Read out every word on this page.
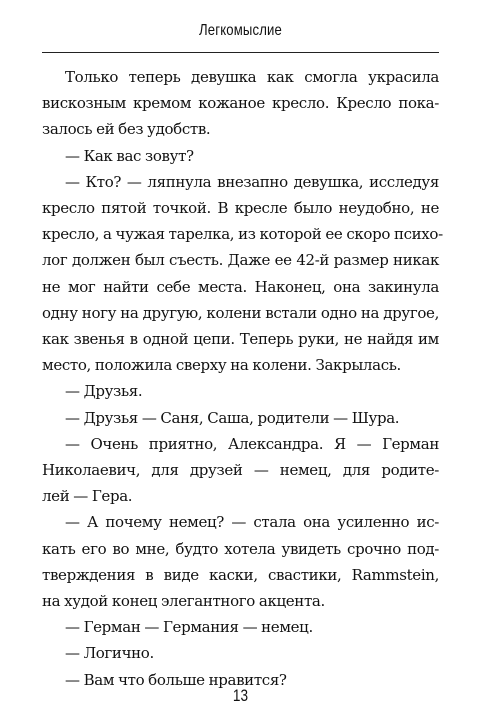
Легкомыслие
Только теперь девушка как смогла украсила
вискозным кремом кожаное кресло. Кресло пока-
залось ей без удобств.
— Как вас зовут?
— Кто? — ляпнула внезапно девушка, исследуя
кресло пятой точкой. В кресле было неудобно, не
кресло, а чужая тарелка, из которой ее скоро психо-
лог должен был съесть. Даже ее 42-й размер никак
не мог найти себе места. Наконец, она закинула
одну ногу на другую, колени встали одно на другое,
как звенья в одной цепи. Теперь руки, не найдя им
место, положила сверху на колени. Закрылась.
— Друзья.
— Друзья — Саня, Саша, родители — Шура.
— Очень приятно, Александра. Я — Герман
Николаевич, для друзей — немец, для родите-
лей — Гера.
— А почему немец? — стала она усиленно ис-
кать его во мне, будто хотела увидеть срочно под-
тверждения в виде каски, свастики, Rammstein,
на худой конец элегантного акцента.
— Герман — Германия — немец.
— Логично.
— Вам что больше нравится?
13
